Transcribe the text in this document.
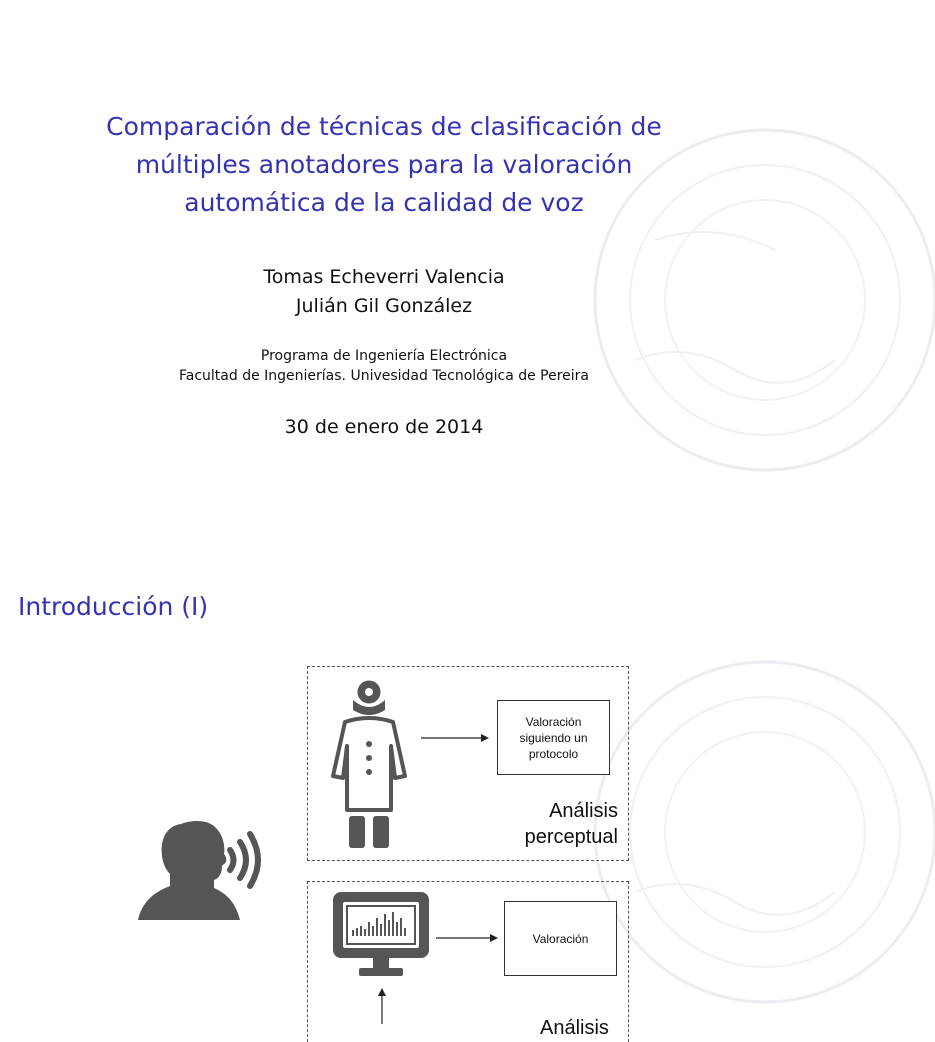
Comparación de técnicas de clasificación de
múltiples anotadores para la valoración
automática de la calidad de voz
Tomas Echeverri Valencia
Julián Gil González
Programa de Ingeniería Electrónica
Facultad de Ingenierías. Univesidad Tecnológica de Pereira
30 de enero de 2014
Introducción (I)
Valoración siguiendo un protocolo
Análisis
perceptual
Valoración
Análisis
